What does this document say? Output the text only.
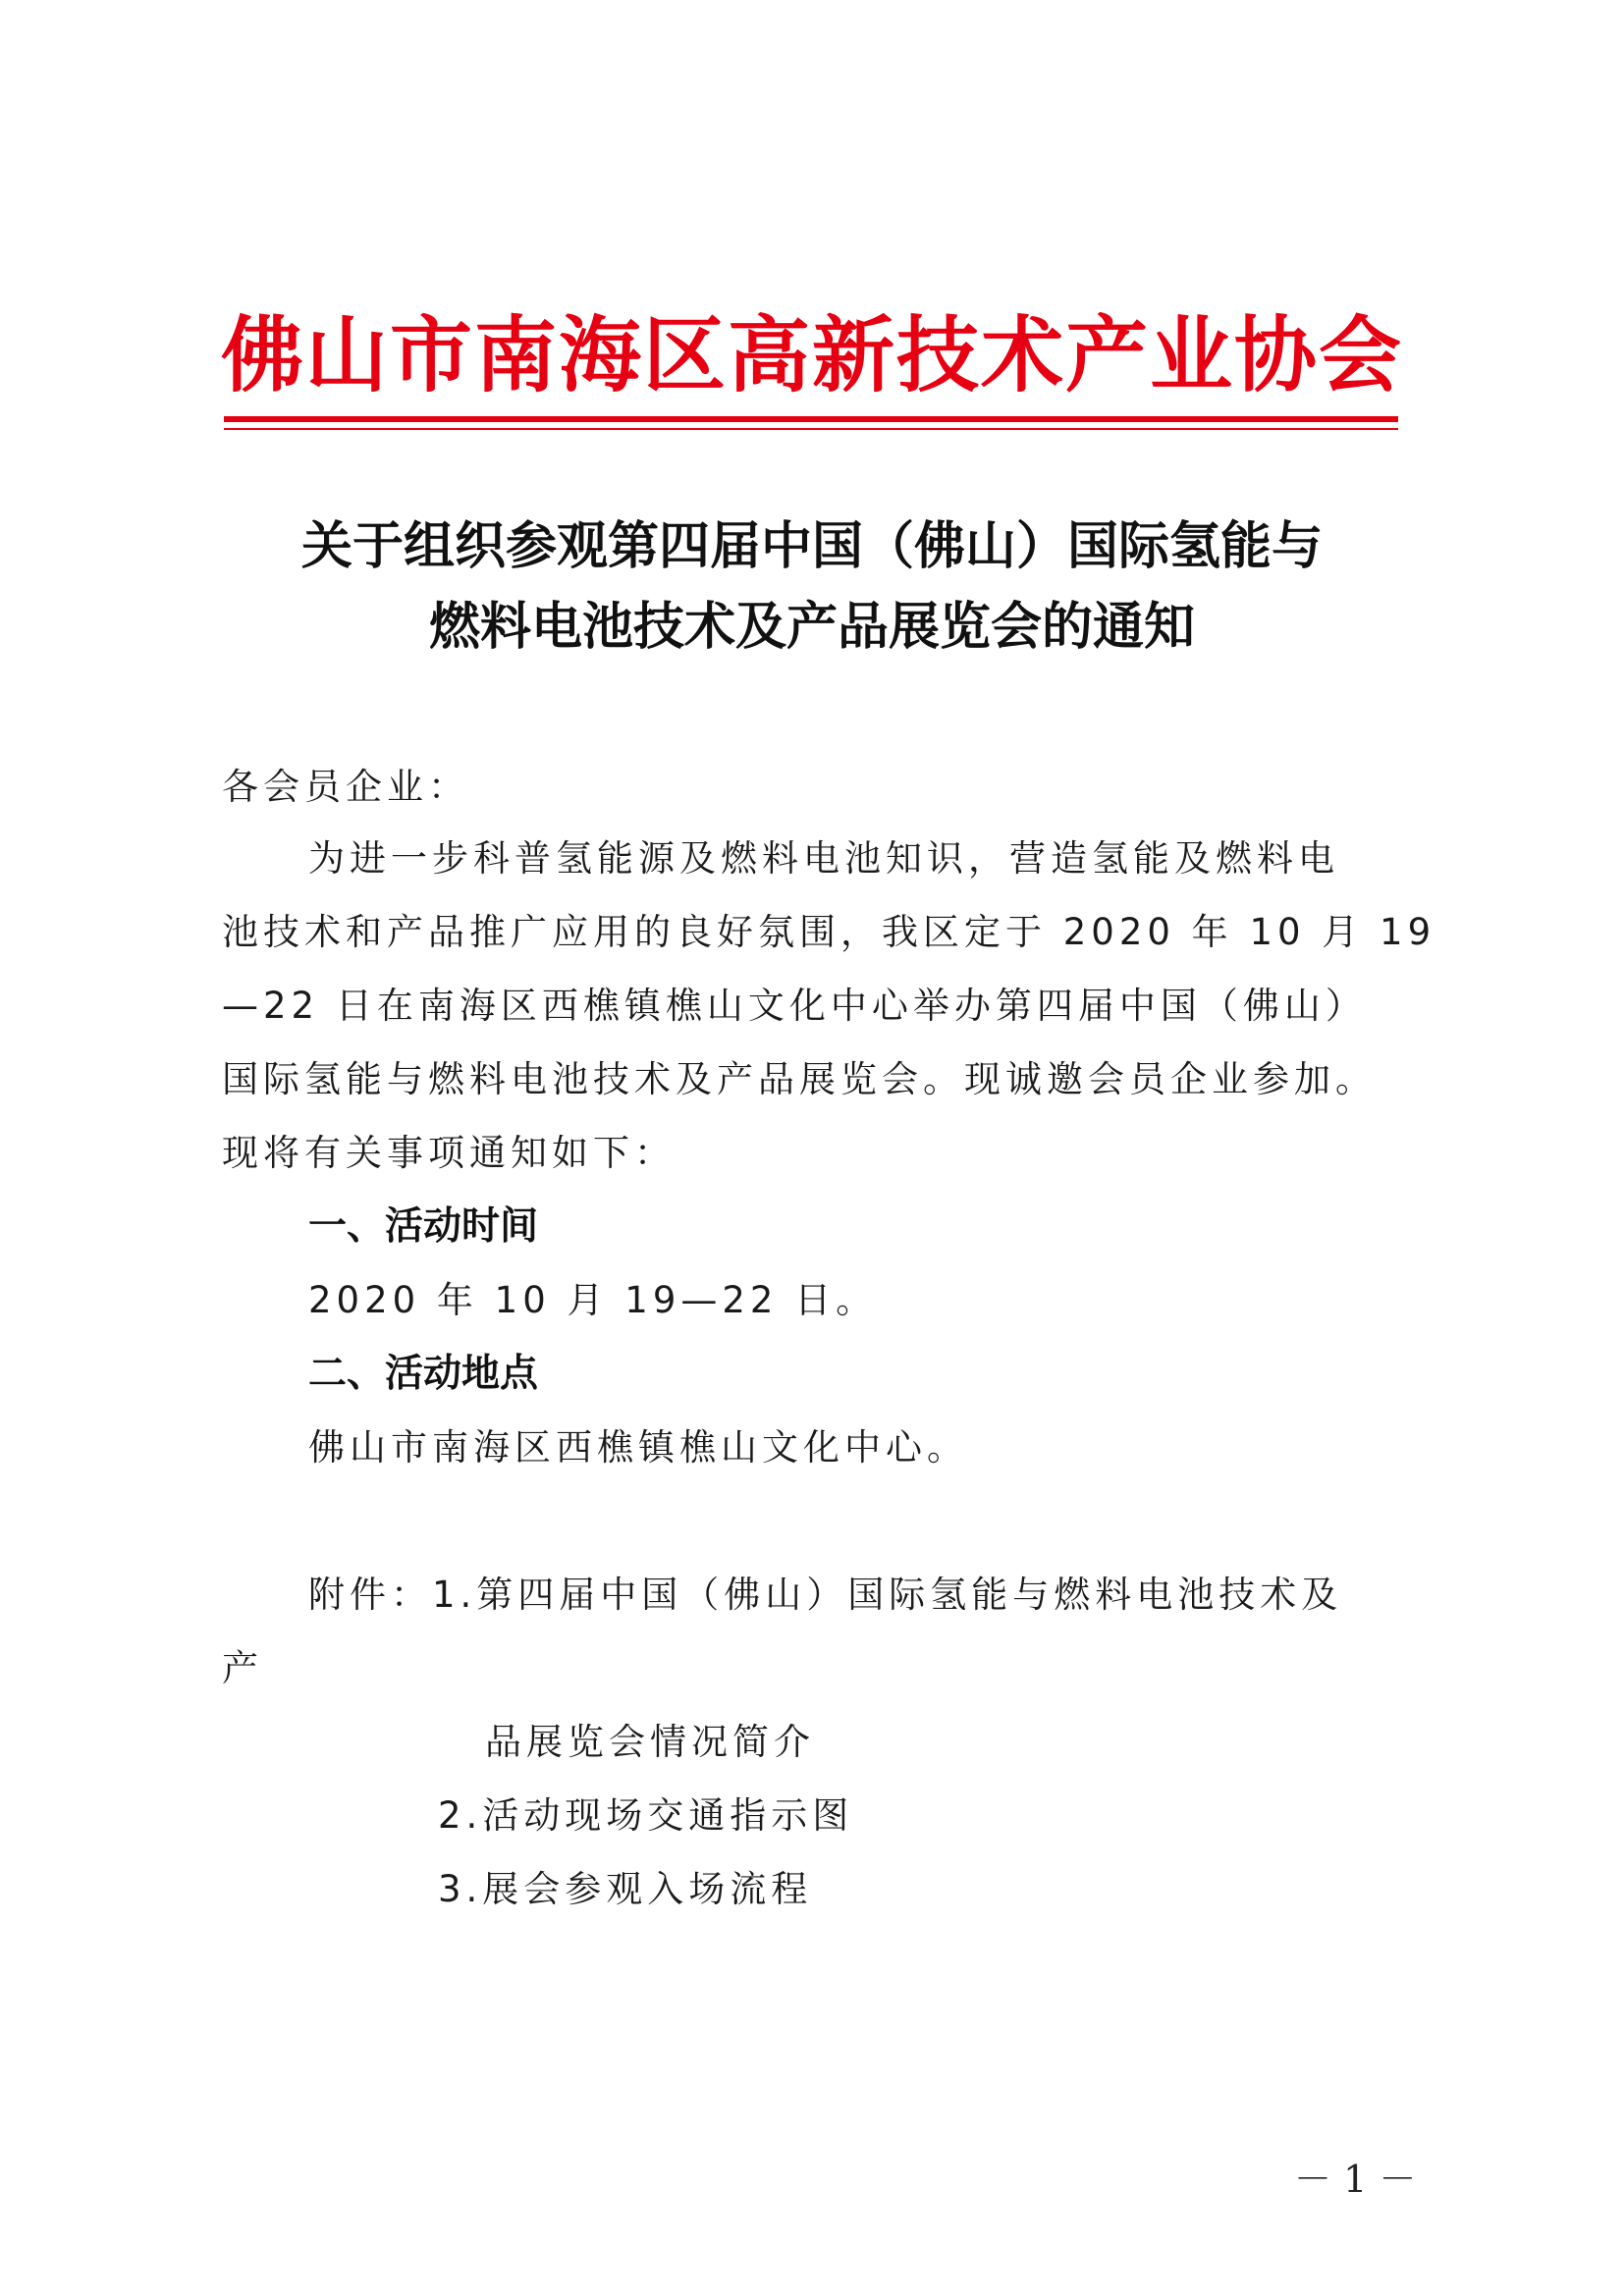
佛山市南海区高新技术产业协会
关于组织参观第四届中国（佛山）国际氢能与
燃料电池技术及产品展览会的通知
各会员企业：
为进一步科普氢能源及燃料电池知识，营造氢能及燃料电
池技术和产品推广应用的良好氛围，我区定于 2020 年 10 月 19
—22 日在南海区西樵镇樵山文化中心举办第四届中国（佛山）
国际氢能与燃料电池技术及产品展览会。现诚邀会员企业参加。
现将有关事项通知如下：
一、活动时间
2020 年 10 月 19—22 日。
二、活动地点
佛山市南海区西樵镇樵山文化中心。
附件：1.第四届中国（佛山）国际氢能与燃料电池技术及
产
品展览会情况简介
2.活动现场交通指示图
3.展会参观入场流程
－ 1 －
